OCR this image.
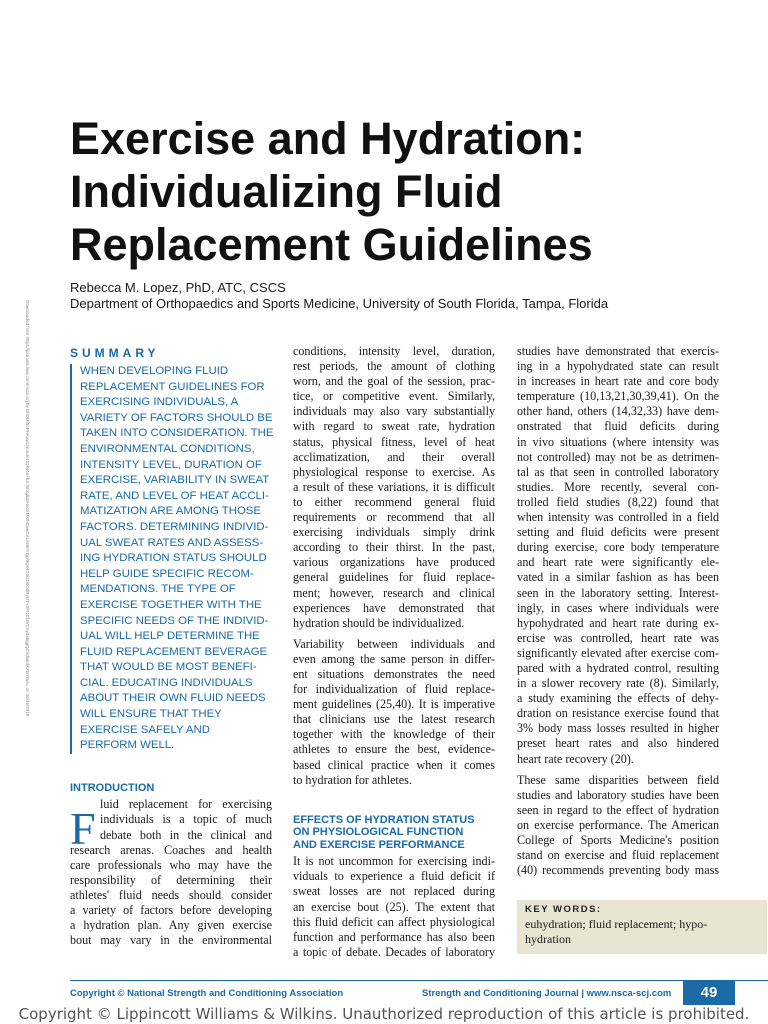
Exercise and Hydration:
Individualizing Fluid
Replacement Guidelines
Rebecca M. Lopez, PhD, ATC, CSCS
Department of Orthopaedics and Sports Medicine, University of South Florida, Tampa, Florida
Downloaded from https://journals.lww.com/nsca-scj by BhDMf5ePHKav1zEoum1tQfN4a+kJLhEZgbsIHo4XMi0hCywCX1AWnYQp/IlQrHD3i3D0OdRyi7TvSFl4Cf3VC1y0abggQZXdtwnfKZBYtws= on 06/16/2018	SUMMARY
WHEN DEVELOPING FLUID
REPLACEMENT GUIDELINES FOR
EXERCISING INDIVIDUALS, A
VARIETY OF FACTORS SHOULD BE
TAKEN INTO CONSIDERATION. THE
ENVIRONMENTAL CONDITIONS,
INTENSITY LEVEL, DURATION OF
EXERCISE, VARIABILITY IN SWEAT
RATE, AND LEVEL OF HEAT ACCLI-
MATIZATION ARE AMONG THOSE
FACTORS. DETERMINING INDIVID-
UAL SWEAT RATES AND ASSESS-
ING HYDRATION STATUS SHOULD
HELP GUIDE SPECIFIC RECOM-
MENDATIONS. THE TYPE OF
EXERCISE TOGETHER WITH THE
SPECIFIC NEEDS OF THE INDIVID-
UAL WILL HELP DETERMINE THE
FLUID REPLACEMENT BEVERAGE
THAT WOULD BE MOST BENEFI-
CIAL. EDUCATING INDIVIDUALS
ABOUT THEIR OWN FLUID NEEDS
WILL ENSURE THAT THEY
EXERCISE SAFELY AND
PERFORM WELL.
INTRODUCTION
F luid replacement for exercising
individuals is a topic of much
debate both in the clinical and
research arenas. Coaches and health
care professionals who may have the
responsibility of determining their
athletes' fluid needs should consider
a variety of factors before developing
a hydration plan. Any given exercise
bout may vary in the environmental
conditions, intensity level, duration,
rest periods, the amount of clothing
worn, and the goal of the session, prac-
tice, or competitive event. Similarly,
individuals may also vary substantially
with regard to sweat rate, hydration
status, physical fitness, level of heat
acclimatization, and their overall
physiological response to exercise. As
a result of these variations, it is difficult
to either recommend general fluid
requirements or recommend that all
exercising individuals simply drink
according to their thirst. In the past,
various organizations have produced
general guidelines for fluid replace-
ment; however, research and clinical
experiences have demonstrated that
hydration should be individualized.
Variability between individuals and
even among the same person in differ-
ent situations demonstrates the need
for individualization of fluid replace-
ment guidelines (25,40). It is imperative
that clinicians use the latest research
together with the knowledge of their
athletes to ensure the best, evidence-
based clinical practice when it comes
to hydration for athletes.
EFFECTS OF HYDRATION STATUS
ON PHYSIOLOGICAL FUNCTION
AND EXERCISE PERFORMANCE
It is not uncommon for exercising indi-
viduals to experience a fluid deficit if
sweat losses are not replaced during
an exercise bout (25). The extent that
this fluid deficit can affect physiological
function and performance has also been
a topic of debate. Decades of laboratory
studies have demonstrated that exercis-
ing in a hypohydrated state can result
in increases in heart rate and core body
temperature (10,13,21,30,39,41). On the
other hand, others (14,32,33) have dem-
onstrated that fluid deficits during
in vivo situations (where intensity was
not controlled) may not be as detrimen-
tal as that seen in controlled laboratory
studies. More recently, several con-
trolled field studies (8,22) found that
when intensity was controlled in a field
setting and fluid deficits were present
during exercise, core body temperature
and heart rate were significantly ele-
vated in a similar fashion as has been
seen in the laboratory setting. Interest-
ingly, in cases where individuals were
hypohydrated and heart rate during ex-
ercise was controlled, heart rate was
significantly elevated after exercise com-
pared with a hydrated control, resulting
in a slower recovery rate (8). Similarly,
a study examining the effects of dehy-
dration on resistance exercise found that
3% body mass losses resulted in higher
preset heart rates and also hindered
heart rate recovery (20).
These same disparities between field
studies and laboratory studies have been
seen in regard to the effect of hydration
on exercise performance. The American
College of Sports Medicine's position
stand on exercise and fluid replacement
(40) recommends preventing body mass
KEY WORDS:
euhydration; fluid replacement; hypo-
hydration
Copyright © National Strength and Conditioning Association	Strength and Conditioning Journal | www.nsca-scj.com	49
Copyright © Lippincott Williams & Wilkins. Unauthorized reproduction of this article is prohibited.
